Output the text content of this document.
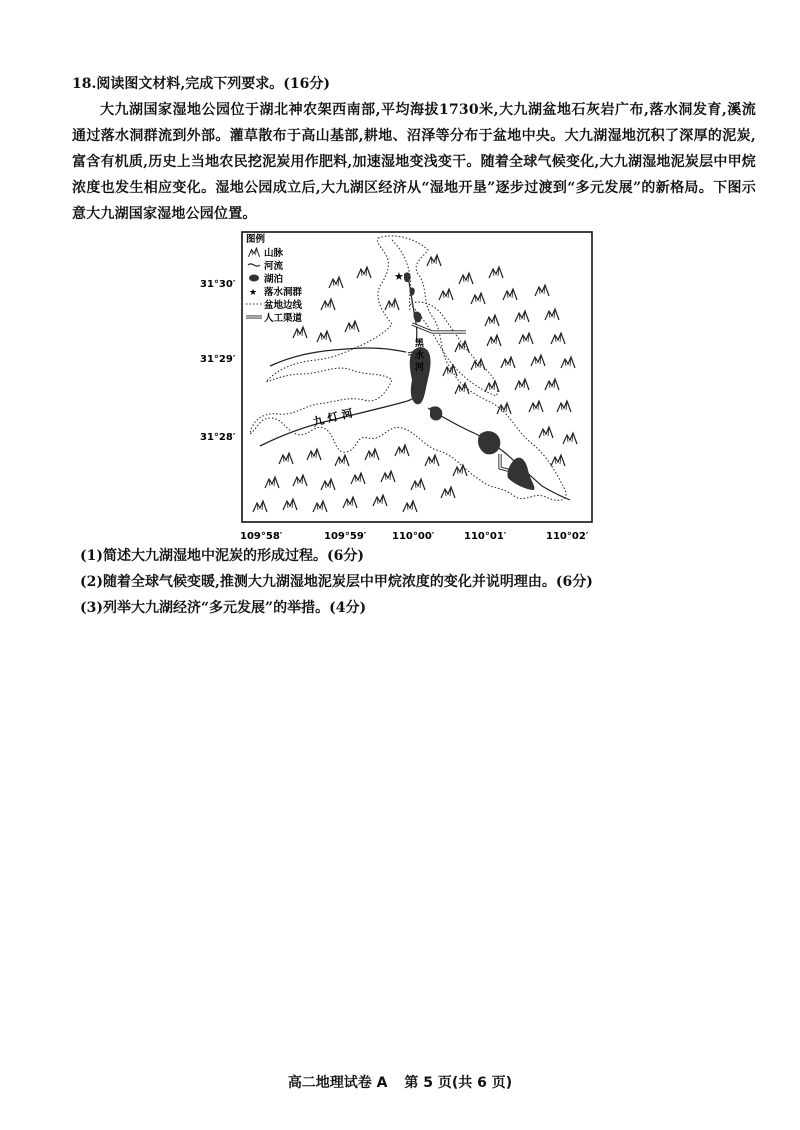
18.阅读图文材料,完成下列要求。(16分)
大九湖国家湿地公园位于湖北神农架西南部,平均海拔1730米,大九湖盆地石灰岩广布,落水洞发育,溪流通过落水洞群流到外部。灌草散布于高山基部,耕地、沼泽等分布于盆地中央。大九湖湿地沉积了深厚的泥炭,富含有机质,历史上当地农民挖泥炭用作肥料,加速湿地变浅变干。随着全球气候变化,大九湖湿地泥炭层中甲烷浓度也发生相应变化。湿地公园成立后,大九湖区经济从“湿地开垦”逐步过渡到“多元发展”的新格局。下图示意大九湖国家湿地公园位置。
31°30′
31°29′
31°28′
109°58′	109°59′	110°00′	110°01′	110°02′
★
九 灯 河
黑 水 河
图例
山脉
河流
湖泊
★ 落水洞群
盆地边线
人工渠道
(1)简述大九湖湿地中泥炭的形成过程。(6分)
(2)随着全球气候变暖,推测大九湖湿地泥炭层中甲烷浓度的变化并说明理由。(6分)
(3)列举大九湖经济“多元发展”的举措。(4分)
高二地理试卷 A 第 5 页(共 6 页)
